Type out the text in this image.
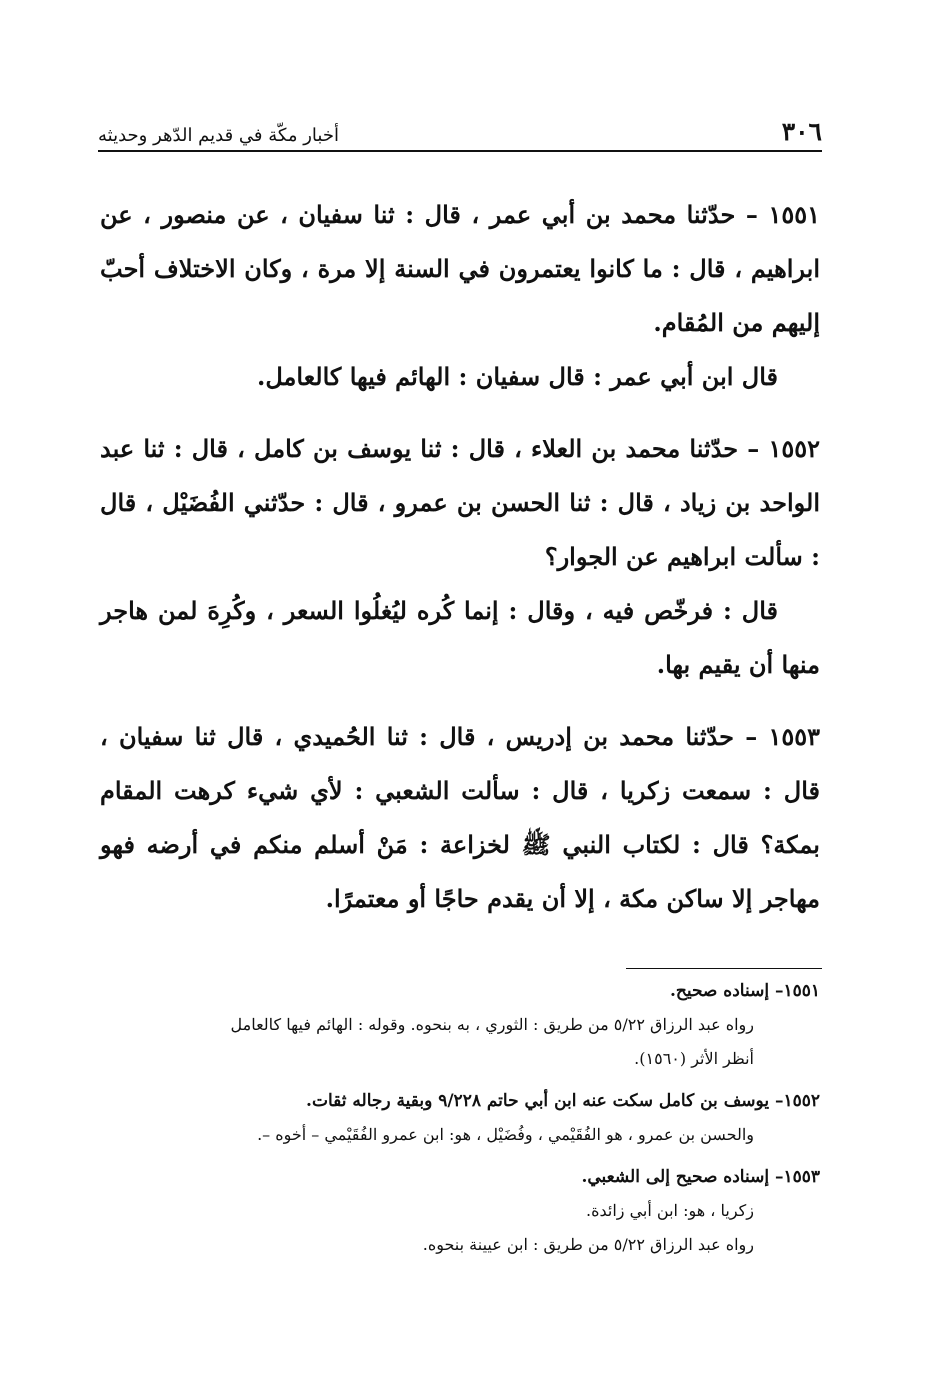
٣٠٦
أخبار مكّة في قديم الدّهر وحديثه

١٥٥١ – حدّثنا محمد بن أبي عمر ، قال : ثنا سفيان ، عن منصور ، عن ابراهيم ، قال : ما كانوا يعتمرون في السنة إلا مرة ، وكان الاختلاف أحبّ إليهم من المُقام.

قال ابن أبي عمر : قال سفيان : الهائم فيها كالعامل.

١٥٥٢ – حدّثنا محمد بن العلاء ، قال : ثنا يوسف بن كامل ، قال : ثنا عبد الواحد بن زياد ، قال : ثنا الحسن بن عمرو ، قال : حدّثني الفُضَيْل ، قال : سألت ابراهيم عن الجوار؟

قال : فرخّص فيه ، وقال : إنما كُره ليُغلُوا السعر ، وكُرِهَ لمن هاجر منها أن يقيم بها.

١٥٥٣ – حدّثنا محمد بن إدريس ، قال : ثنا الحُميدي ، قال ثنا سفيان ، قال : سمعت زكريا ، قال : سألت الشعبي : لأي شيء كرهت المقام بمكة؟ قال : لكتاب النبي ﷺ لخزاعة : مَنْ أسلم منكم في أرضه فهو مهاجر إلا ساكن مكة ، إلا أن يقدم حاجًا أو معتمرًا.

١٥٥١– إسناده صحيح.
رواه عبد الرزاق ٥/٢٢ من طريق : الثوري ، به بنحوه. وقوله : الهائم فيها كالعامل
أنظر الأثر (١٥٦٠).
١٥٥٢– يوسف بن كامل سكت عنه ابن أبي حاتم ٩/٢٢٨ وبقية رجاله ثقات.
والحسن بن عمرو ، هو الفُقَيْمي ، وفُضَيْل ، هو: ابن عمرو الفُقَيْمي – أخوه –.
١٥٥٣– إسناده صحيح إلى الشعبي.
زكريا ، هو: ابن أبي زائدة.
رواه عبد الرزاق ٥/٢٢ من طريق : ابن عيينة بنحوه.
